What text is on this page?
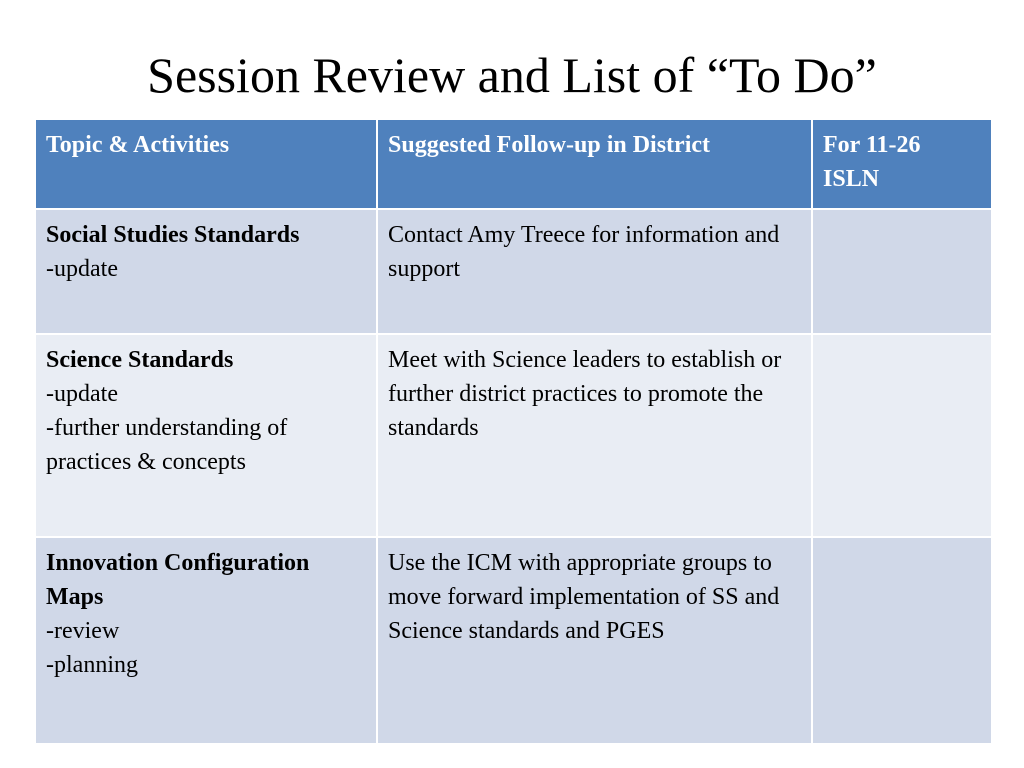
Session Review and List of “To Do”
Topic & Activities	Suggested Follow-up in District	For 11-26 ISLN

Social Studies Standards
-update	Contact Amy Treece for information and support	

Science Standards
-update
-further understanding of practices & concepts	Meet with Science leaders to establish or further district practices to promote the standards	

Innovation Configuration Maps
-review
-planning	Use the ICM with appropriate groups to move forward implementation of SS and Science standards and PGES	
